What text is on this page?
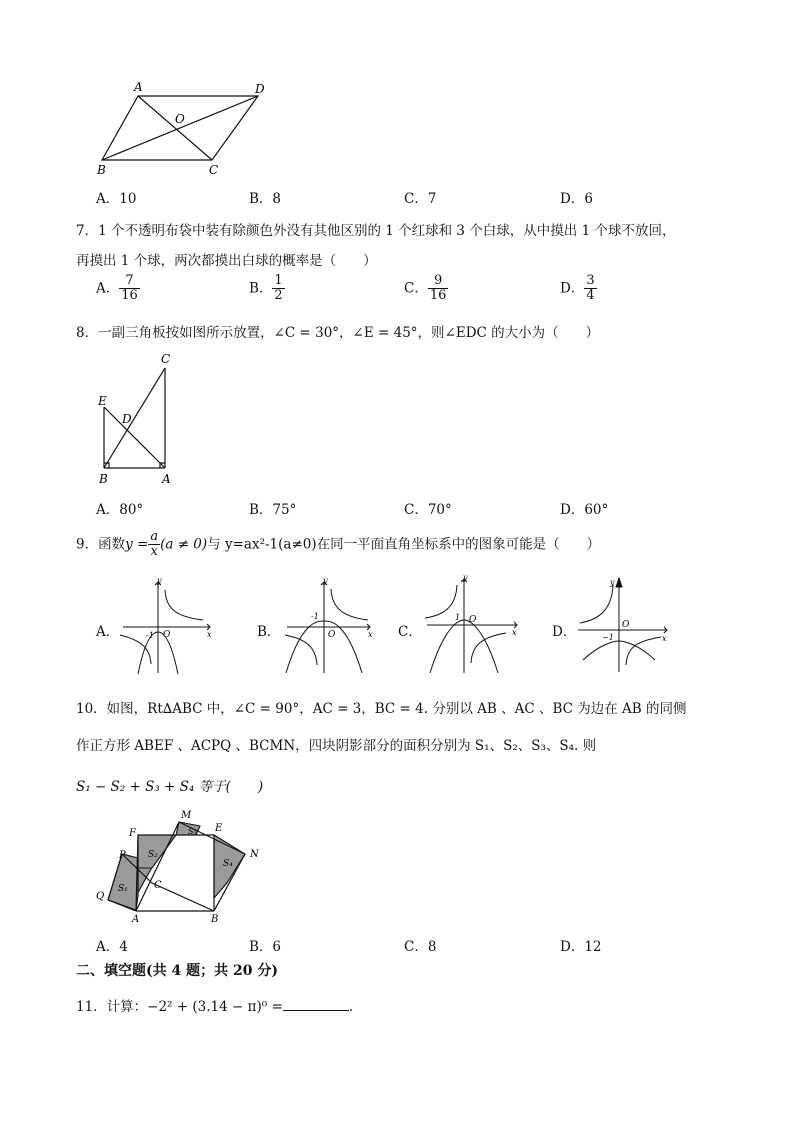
A	D
O
B	C
A．10	B．8	C．7	D．6
7．1 个不透明布袋中装有除颜色外没有其他区别的 1 个红球和 3 个白球，从中摸出 1 个球不放回，
再摸出 1 个球，两次都摸出白球的概率是（　　）
A． $\frac{7}{16}$	B． $\frac{1}{2}$	C． $\frac{9}{16}$	D． $\frac{3}{4}$
8．一副三角板按如图所示放置，∠C = 30°，∠E = 45°，则∠EDC 的大小为（　　）
C
E
D
B	A
A．80°	B．75°	C．70°	D．60°
9．函数$y = \frac{a}{x} (a \ne 0)$与 y=ax²-1(a≠0)在同一平面直角坐标系中的图象可能是（　　）
A．
y
x
O
-1	B．
y
x
O
-1
C．
y
x
O
1
D．
y
x
O
−1
10．如图，Rt∆ABC 中，∠C = 90°，AC = 3，BC = 4. 分别以 AB 、AC 、BC 为边在 AB 的同侧
作正方形 ABEF 、ACPQ 、BCMN，四块阴影部分的面积分别为 S₁、S₂、S₃、S₄. 则
S₁ − S₂ + S₃ + S₄ 等于(　　)
M
E
F
N
P
Q
C
A	B
S₁
S₂
S₃
S₄
A．4	B．6	C．8	D．12
二、填空题(共 4 题；共 20 分)
11．计算：−2² + (3.14 − π)⁰ =	.
